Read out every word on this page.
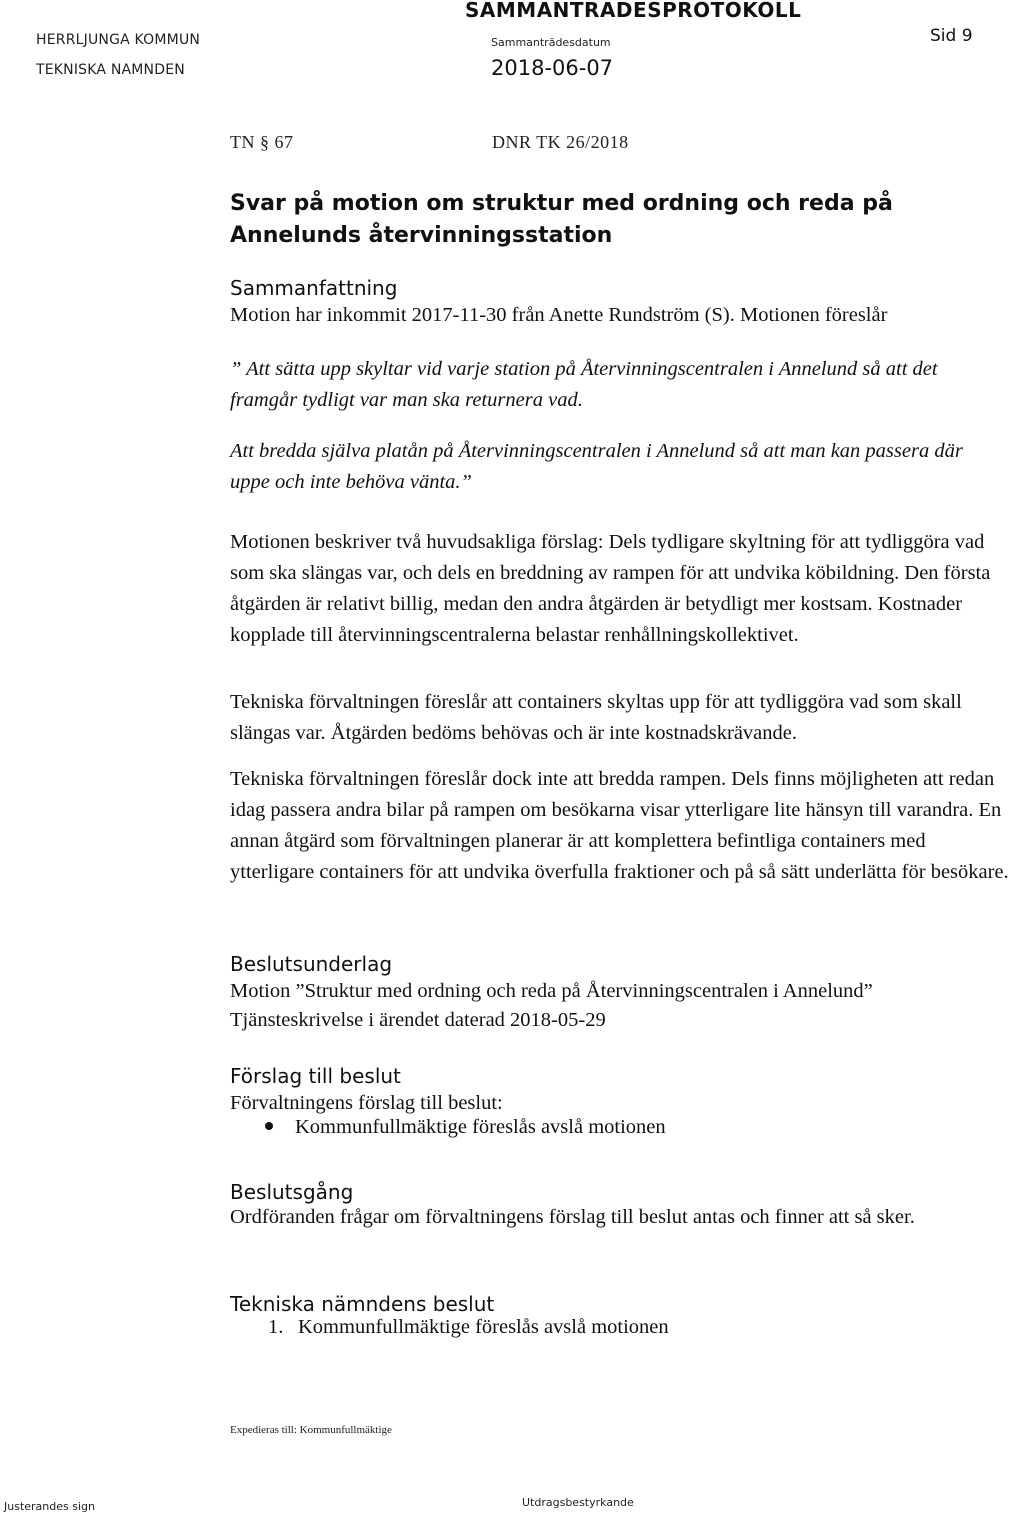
HERRLJUNGA KOMMUN
TEKNISKA NAMNDEN
SAMMANTRADESPROTOKOLL
Sammanträdesdatum
2018-06-07
Sid 9
TN § 67	DNR TK 26/2018
Svar på motion om struktur med ordning och reda på Annelunds återvinningsstation
Sammanfattning
Motion har inkommit 2017-11-30 från Anette Rundström (S). Motionen föreslår
” Att sätta upp skyltar vid varje station på Återvinningscentralen i Annelund så att det framgår tydligt var man ska returnera vad.
Att bredda själva platån på Återvinningscentralen i Annelund så att man kan passera där uppe och inte behöva vänta.”
Motionen beskriver två huvudsakliga förslag: Dels tydligare skyltning för att tydliggöra vad som ska slängas var, och dels en breddning av rampen för att undvika köbildning. Den första åtgärden är relativt billig, medan den andra åtgärden är betydligt mer kostsam. Kostnader kopplade till återvinningscentralerna belastar renhållningskollektivet.
Tekniska förvaltningen föreslår att containers skyltas upp för att tydliggöra vad som skall slängas var. Åtgärden bedöms behövas och är inte kostnadskrävande.
Tekniska förvaltningen föreslår dock inte att bredda rampen. Dels finns möjligheten att redan idag passera andra bilar på rampen om besökarna visar ytterligare lite hänsyn till varandra. En annan åtgärd som förvaltningen planerar är att komplettera befintliga containers med ytterligare containers för att undvika överfulla fraktioner och på så sätt underlätta för besökare.
Beslutsunderlag
Motion ”Struktur med ordning och reda på Återvinningscentralen i Annelund”
Tjänsteskrivelse i ärendet daterad 2018-05-29
Förslag till beslut
Förvaltningens förslag till beslut:
Kommunfullmäktige föreslås avslå motionen
Beslutsgång
Ordföranden frågar om förvaltningens förslag till beslut antas och finner att så sker.
Tekniska nämndens beslut
1. Kommunfullmäktige föreslås avslå motionen
Expedieras till: Kommunfullmäktige
Justerandes sign	Utdragsbestyrkande
